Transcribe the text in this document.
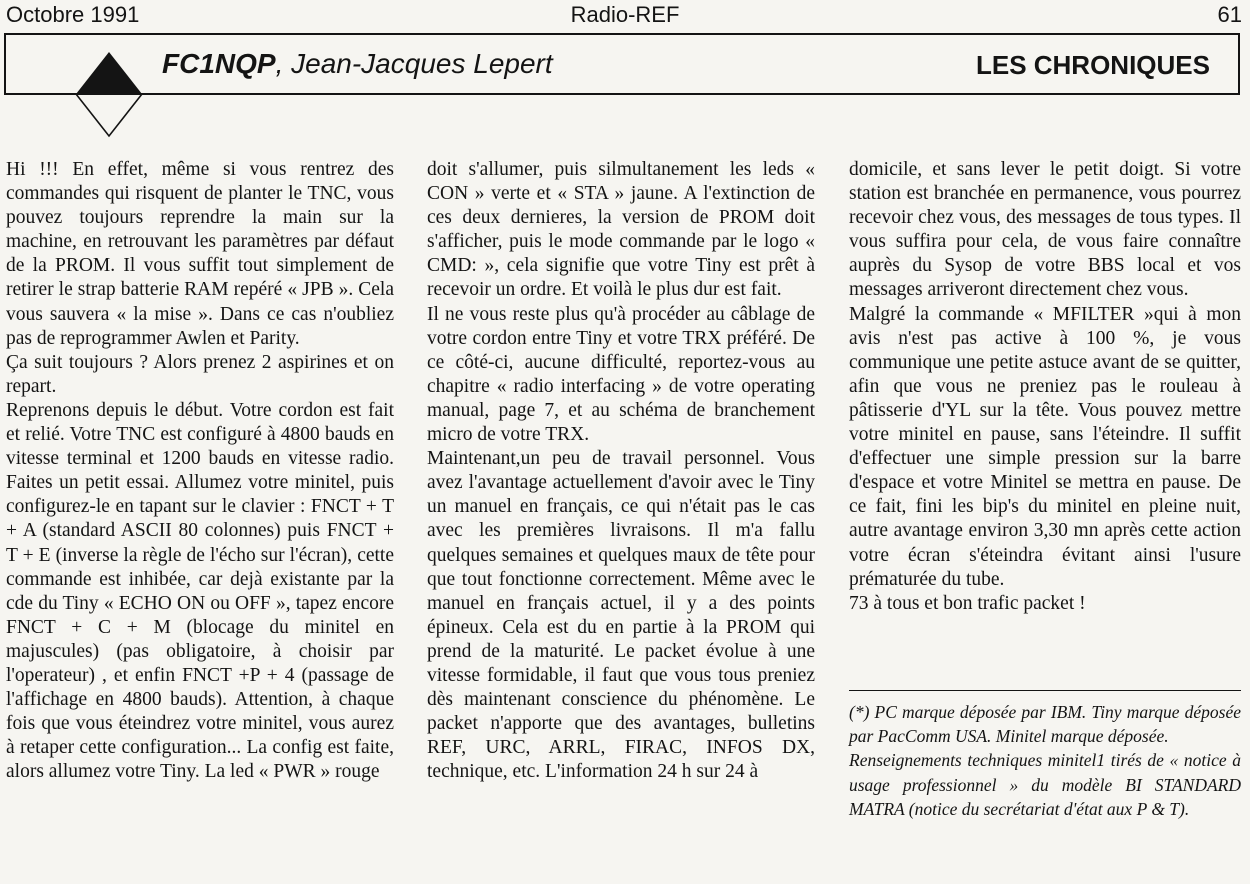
Octobre 1991	Radio-REF	61
FC1NQP, Jean-Jacques Lepert	LES CHRONIQUES

Hi !!! En effet, même si vous rentrez des commandes qui risquent de planter le TNC, vous pouvez toujours reprendre la main sur la machine, en retrouvant les paramètres par défaut de la PROM. Il vous suffit tout simplement de retirer le strap batterie RAM repéré « JPB ». Cela vous sauvera « la mise ». Dans ce cas n'oubliez pas de reprogrammer Awlen et Parity.

Ça suit toujours ? Alors prenez 2 aspirines et on repart.

Reprenons depuis le début. Votre cordon est fait et relié. Votre TNC est configuré à 4800 bauds en vitesse terminal et 1200 bauds en vitesse radio. Faites un petit essai. Allumez votre minitel, puis configurez-le en tapant sur le clavier : FNCT + T + A (standard ASCII 80 colonnes) puis FNCT + T + E (inverse la règle de l'écho sur l'écran), cette commande est inhibée, car dejà existante par la cde du Tiny « ECHO ON ou OFF », tapez encore FNCT + C + M (blocage du minitel en majuscules) (pas obligatoire, à choisir par l'operateur) , et enfin FNCT +P + 4 (passage de l'affichage en 4800 bauds). Attention, à chaque fois que vous éteindrez votre minitel, vous aurez à retaper cette configuration... La config est faite, alors allumez votre Tiny. La led « PWR » rouge

doit s'allumer, puis silmultanement les leds « CON » verte et « STA » jaune. A l'extinction de ces deux dernieres, la version de PROM doit s'afficher, puis le mode commande par le logo « CMD: », cela signifie que votre Tiny est prêt à recevoir un ordre. Et voilà le plus dur est fait.

Il ne vous reste plus qu'à procéder au câblage de votre cordon entre Tiny et votre TRX préféré. De ce côté-ci, aucune difficulté, reportez-vous au chapitre « radio interfacing » de votre operating manual, page 7, et au schéma de branchement micro de votre TRX.

Maintenant,un peu de travail personnel. Vous avez l'avantage actuellement d'avoir avec le Tiny un manuel en français, ce qui n'était pas le cas avec les premières livraisons. Il m'a fallu quelques semaines et quelques maux de tête pour que tout fonctionne correctement. Même avec le manuel en français actuel, il y a des points épineux. Cela est du en partie à la PROM qui prend de la maturité. Le packet évolue à une vitesse formidable, il faut que vous tous preniez dès maintenant conscience du phénomène. Le packet n'apporte que des avantages, bulletins REF, URC, ARRL, FIRAC, INFOS DX, technique, etc. L'information 24 h sur 24 à

domicile, et sans lever le petit doigt. Si votre station est branchée en permanence, vous pourrez recevoir chez vous, des messages de tous types. Il vous suffira pour cela, de vous faire connaître auprès du Sysop de votre BBS local et vos messages arriveront directement chez vous.

Malgré la commande « MFILTER »qui à mon avis n'est pas active à 100 %, je vous communique une petite astuce avant de se quitter, afin que vous ne preniez pas le rouleau à pâtisserie d'YL sur la tête. Vous pouvez mettre votre minitel en pause, sans l'éteindre. Il suffit d'effectuer une simple pression sur la barre d'espace et votre Minitel se mettra en pause. De ce fait, fini les bip's du minitel en pleine nuit, autre avantage environ 3,30 mn après cette action votre écran s'éteindra évitant ainsi l'usure prématurée du tube.

73 à tous et bon trafic packet !

(*) PC marque déposée par IBM. Tiny marque déposée par PacComm USA. Minitel marque déposée.

Renseignements techniques minitel1 tirés de « notice à usage professionnel » du modèle BI STANDARD MATRA (notice du secrétariat d'état aux P & T).
